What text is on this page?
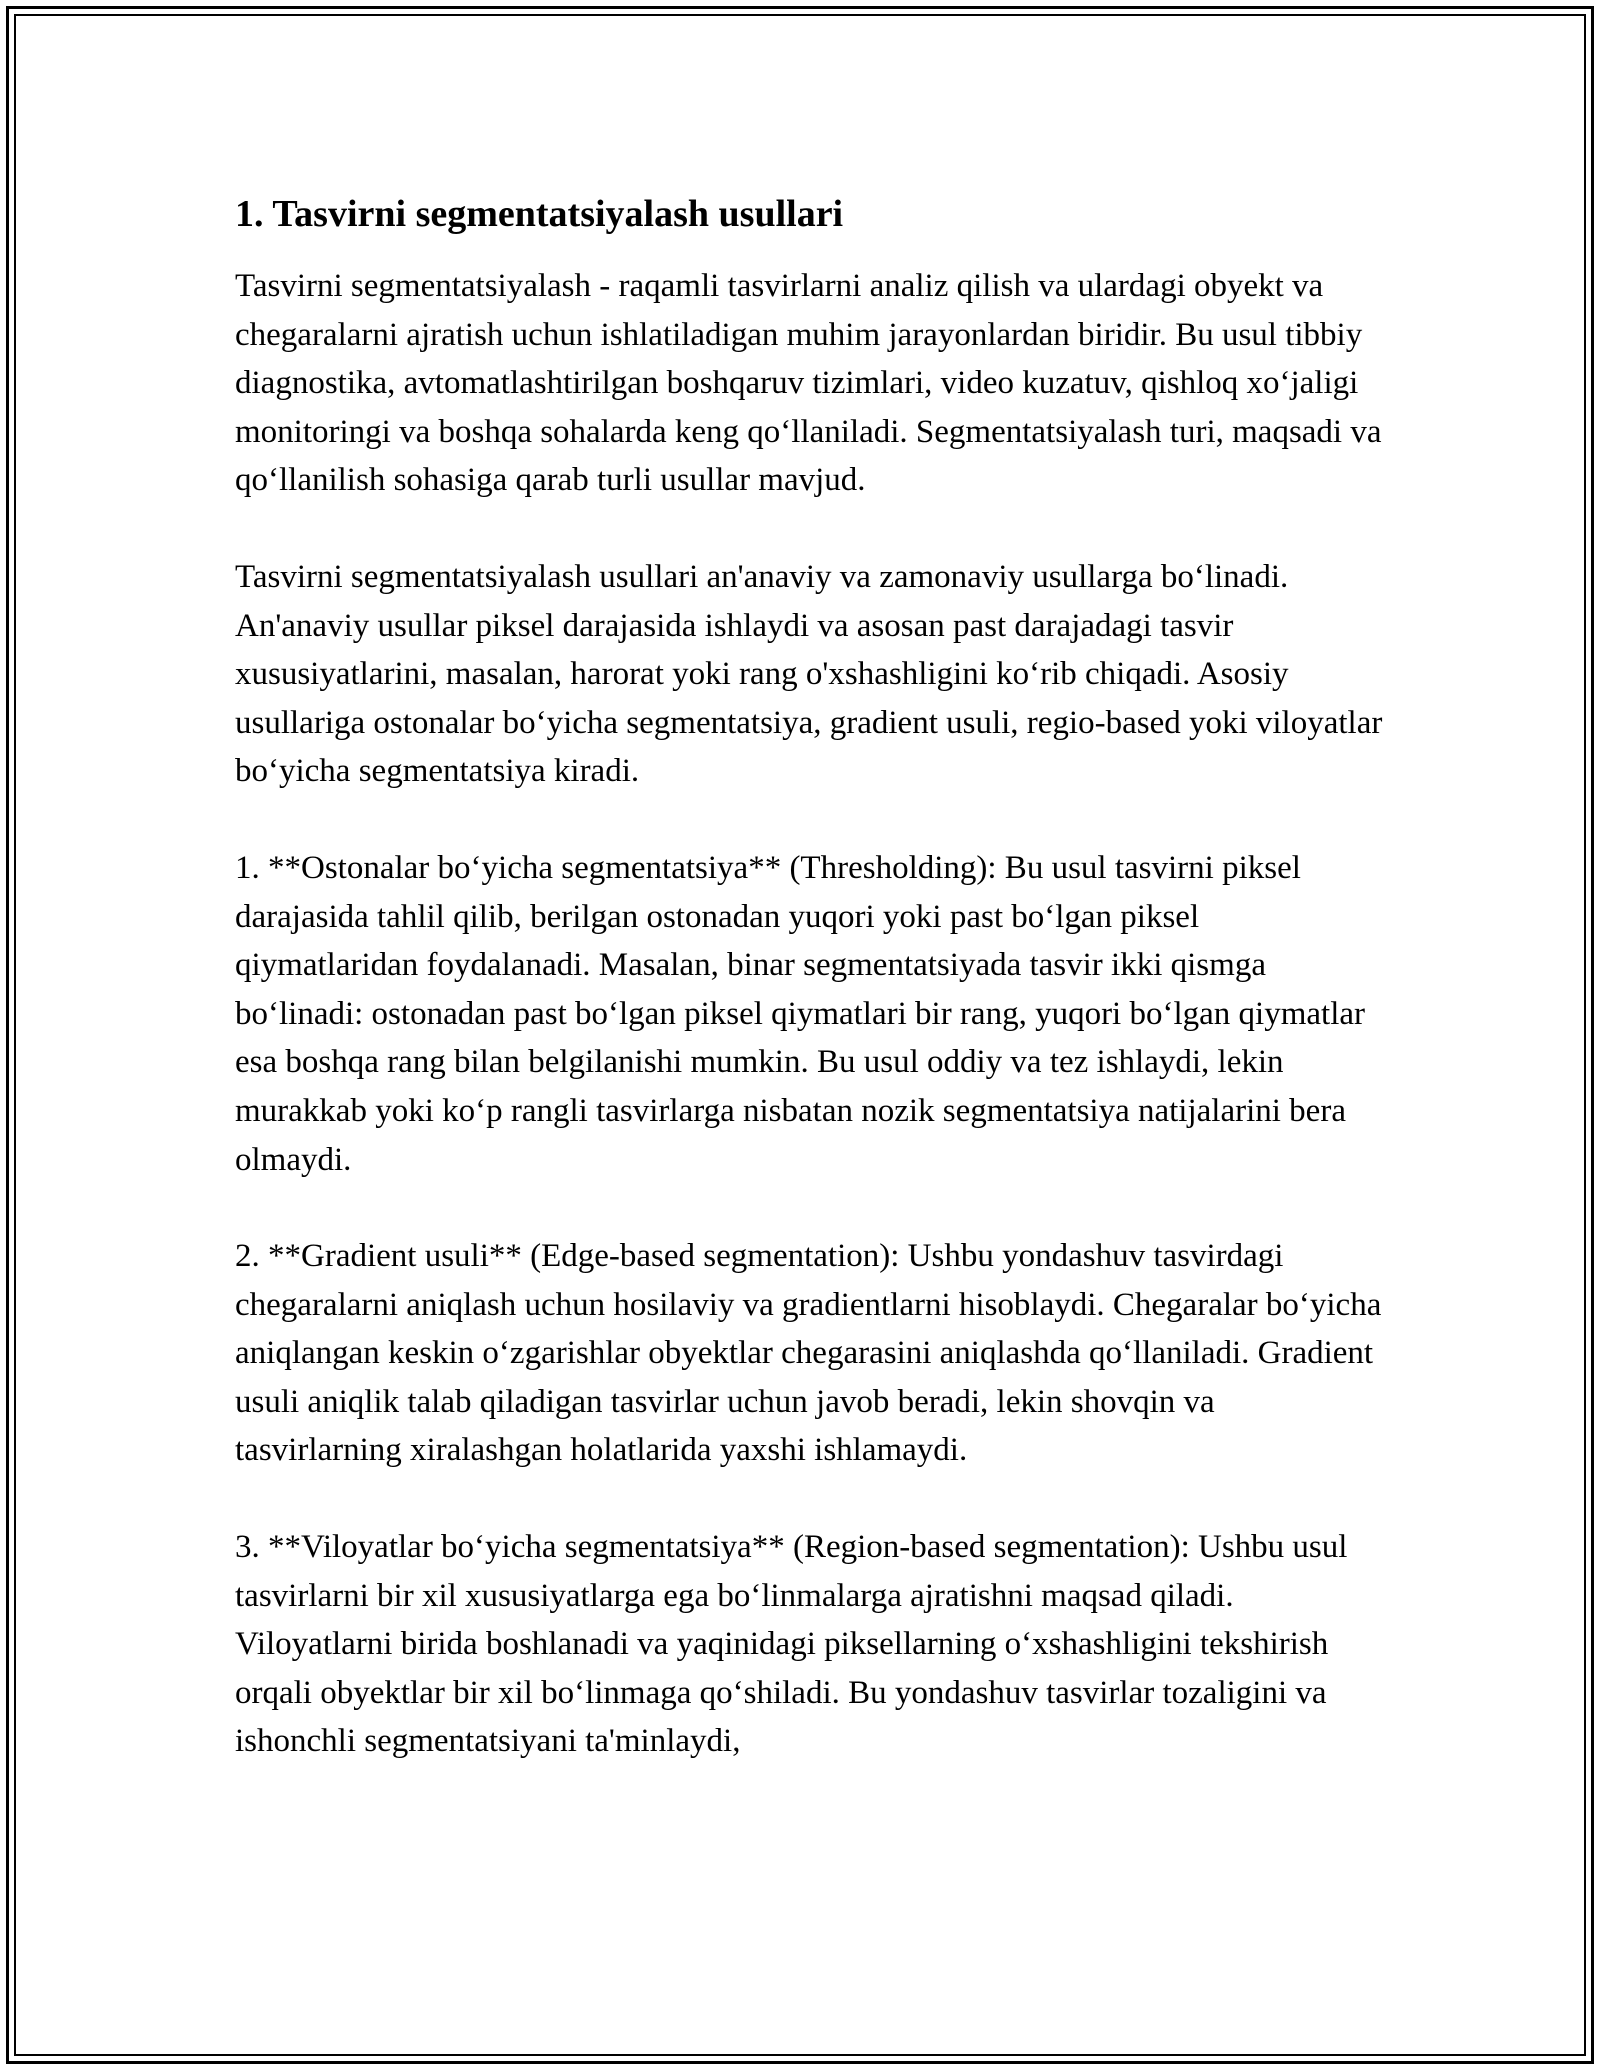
1. Tasvirni segmentatsiyalash usullari

Tasvirni segmentatsiyalash - raqamli tasvirlarni analiz qilish va ulardagi obyekt va chegaralarni ajratish uchun ishlatiladigan muhim jarayonlardan biridir. Bu usul tibbiy diagnostika, avtomatlashtirilgan boshqaruv tizimlari, video kuzatuv, qishloq xo‘jaligi monitoringi va boshqa sohalarda keng qo‘llaniladi. Segmentatsiyalash turi, maqsadi va qo‘llanilish sohasiga qarab turli usullar mavjud.

Tasvirni segmentatsiyalash usullari an'anaviy va zamonaviy usullarga bo‘linadi. An'anaviy usullar piksel darajasida ishlaydi va asosan past darajadagi tasvir xususiyatlarini, masalan, harorat yoki rang o'xshashligini ko‘rib chiqadi. Asosiy usullariga ostonalar bo‘yicha segmentatsiya, gradient usuli, regio-based yoki viloyatlar bo‘yicha segmentatsiya kiradi.

1. **Ostonalar bo‘yicha segmentatsiya** (Thresholding): Bu usul tasvirni piksel darajasida tahlil qilib, berilgan ostonadan yuqori yoki past bo‘lgan piksel qiymatlaridan foydalanadi. Masalan, binar segmentatsiyada tasvir ikki qismga bo‘linadi: ostonadan past bo‘lgan piksel qiymatlari bir rang, yuqori bo‘lgan qiymatlar esa boshqa rang bilan belgilanishi mumkin. Bu usul oddiy va tez ishlaydi, lekin murakkab yoki ko‘p rangli tasvirlarga nisbatan nozik segmentatsiya natijalarini bera olmaydi.

2. **Gradient usuli** (Edge-based segmentation): Ushbu yondashuv tasvirdagi chegaralarni aniqlash uchun hosilaviy va gradientlarni hisoblaydi. Chegaralar bo‘yicha aniqlangan keskin o‘zgarishlar obyektlar chegarasini aniqlashda qo‘llaniladi. Gradient usuli aniqlik talab qiladigan tasvirlar uchun javob beradi, lekin shovqin va tasvirlarning xiralashgan holatlarida yaxshi ishlamaydi.

3. **Viloyatlar bo‘yicha segmentatsiya** (Region-based segmentation): Ushbu usul tasvirlarni bir xil xususiyatlarga ega bo‘linmalarga ajratishni maqsad qiladi. Viloyatlarni birida boshlanadi va yaqinidagi piksellarning o‘xshashligini tekshirish orqali obyektlar bir xil bo‘linmaga qo‘shiladi. Bu yondashuv tasvirlar tozaligini va ishonchli segmentatsiyani ta'minlaydi,
